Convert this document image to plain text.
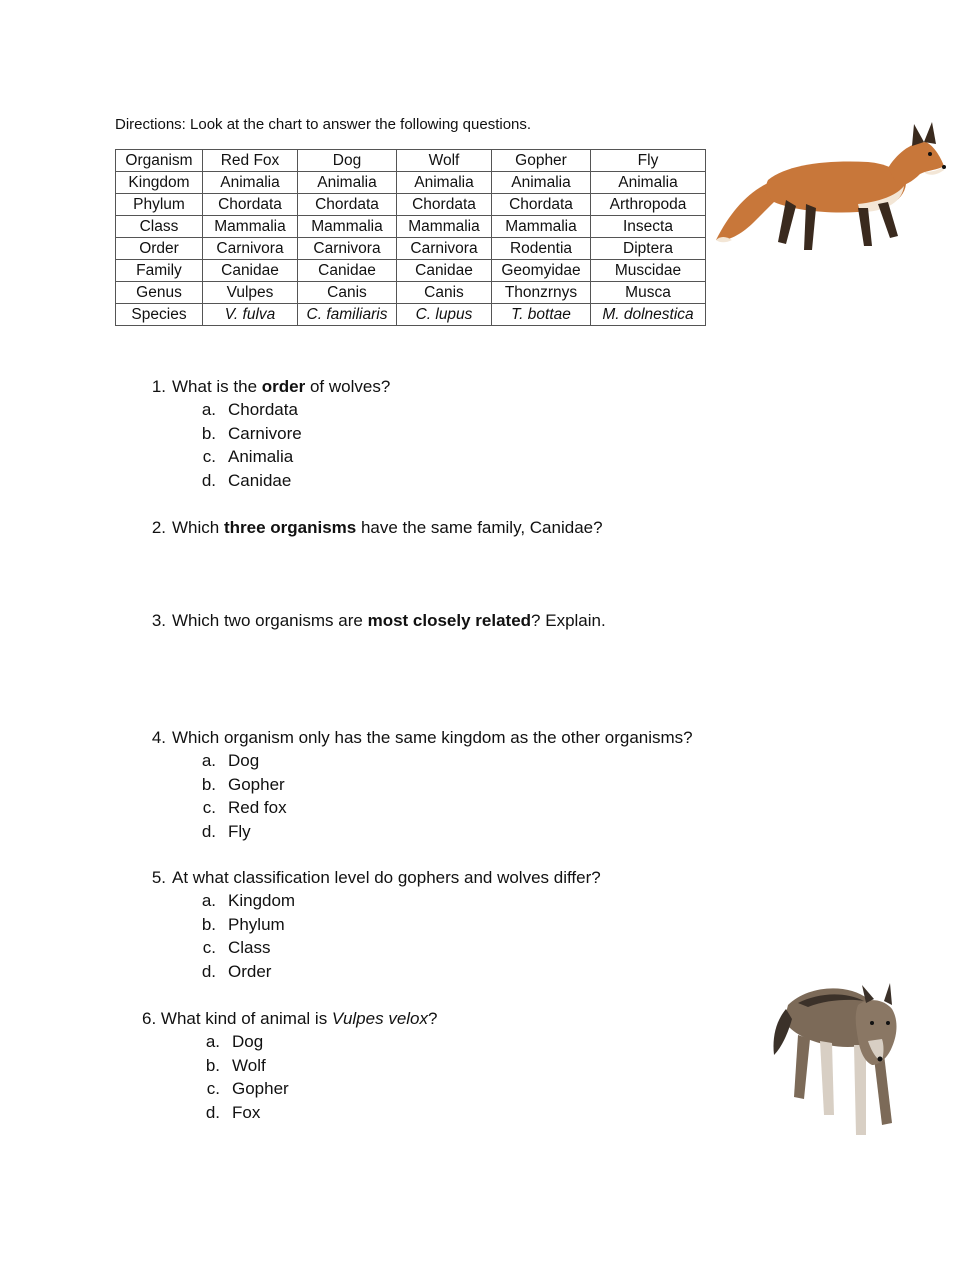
Directions: Look at the chart to answer the following questions.
Organism	Red Fox	Dog	Wolf	Gopher	Fly
Kingdom	Animalia	Animalia	Animalia	Animalia	Animalia
Phylum	Chordata	Chordata	Chordata	Chordata	Arthropoda
Class	Mammalia	Mammalia	Mammalia	Mammalia	Insecta
Order	Carnivora	Carnivora	Carnivora	Rodentia	Diptera
Family	Canidae	Canidae	Canidae	Geomyidae	Muscidae
Genus	Vulpes	Canis	Canis	Thonzrnys	Musca
Species	V. fulva	C. familiaris	C. lupus	T. bottae	M. dolnestica
1. What is the order of wolves?
a. Chordata
b. Carnivore
c. Animalia
d. Canidae
2. Which three organisms have the same family, Canidae?
3. Which two organisms are most closely related? Explain.
4. Which organism only has the same kingdom as the other organisms?
a. Dog
b. Gopher
c. Red fox
d. Fly
5. At what classification level do gophers and wolves differ?
a. Kingdom
b. Phylum
c. Class
d. Order
6. What kind of animal is Vulpes velox?
a. Dog
b. Wolf
c. Gopher
d. Fox
